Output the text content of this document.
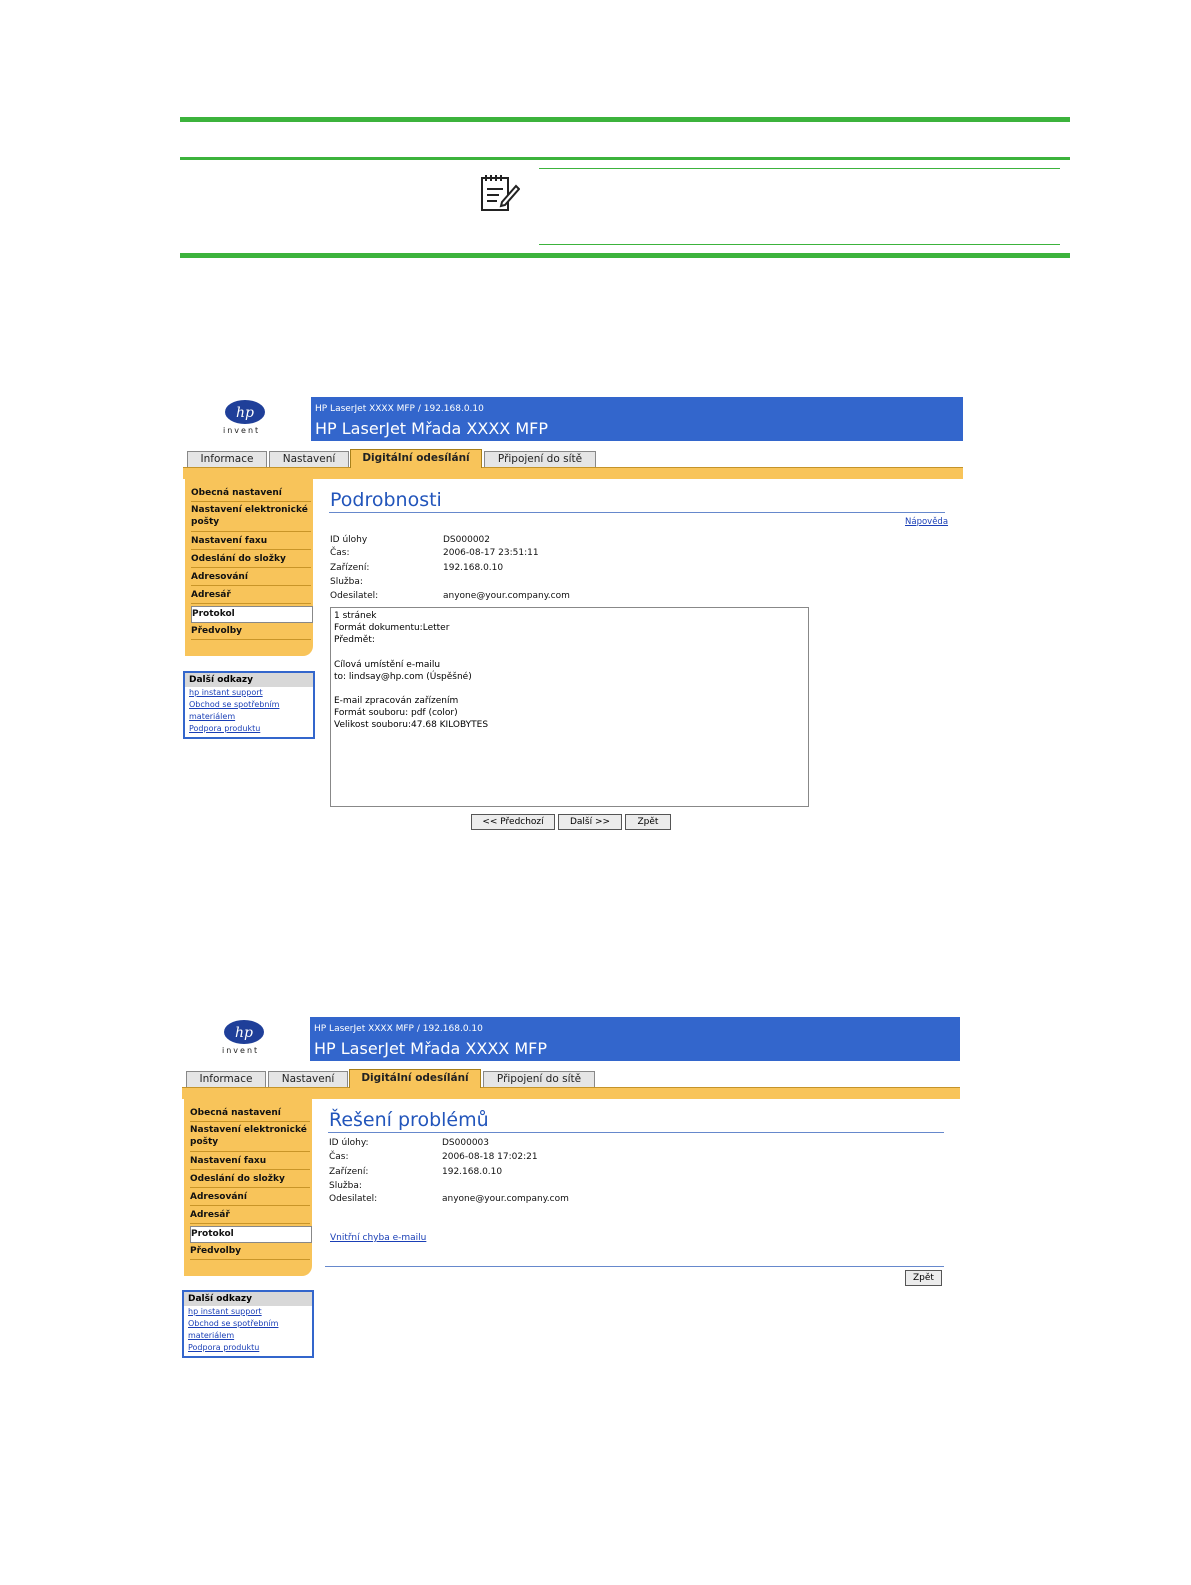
hp
invent
HP LaserJet XXXX MFP / 192.168.0.10
HP LaserJet Mřada XXXX MFP
Informace	Nastavení	Digitální odesílání	Připojení do sítě
Obecná nastavení
Nastavení elektronické pošty
Nastavení faxu
Odeslání do složky
Adresování
Adresář
Protokol
Předvolby
Další odkazy
hp instant support
Obchod se spotřebním materiálem
Podpora produktu
Podrobnosti
Nápověda
ID úlohy	DS000002
Čas:	2006-08-17 23:51:11
Zařízení:	192.168.0.10
Služba:
Odesilatel:	anyone@your.company.com
1 stránek
Formát dokumentu:Letter
Předmět:
Cílová umístění e-mailu
to: lindsay@hp.com (Úspěšné)
E-mail zpracován zařízením
Formát souboru: pdf (color)
Velikost souboru:47.68 KILOBYTES
<< Předchozí	Další >>	Zpět
hp
invent
HP LaserJet XXXX MFP / 192.168.0.10
HP LaserJet Mřada XXXX MFP
Informace	Nastavení	Digitální odesílání	Připojení do sítě
Obecná nastavení
Nastavení elektronické pošty
Nastavení faxu
Odeslání do složky
Adresování
Adresář
Protokol
Předvolby
Další odkazy
hp instant support
Obchod se spotřebním materiálem
Podpora produktu
Řešení problémů
ID úlohy:	DS000003
Čas:	2006-08-18 17:02:21
Zařízení:	192.168.0.10
Služba:
Odesilatel:	anyone@your.company.com
Vnitřní chyba e-mailu
Zpět
